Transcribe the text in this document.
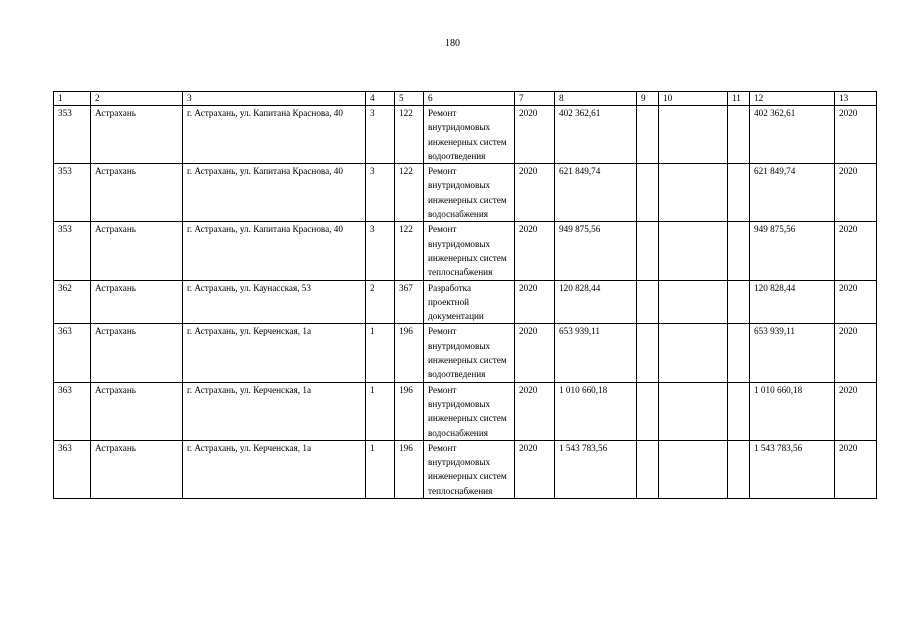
180
1	2	3	4	5	6	7	8	9	10	11	12	13
353	Астрахань	г. Астрахань, ул. Капитана Краснова, 40	3	122	Ремонт внутридомовых инженерных систем водоотведения	2020	402 362,61				402 362,61	2020
353	Астрахань	г. Астрахань, ул. Капитана Краснова, 40	3	122	Ремонт внутридомовых инженерных систем водоснабжения	2020	621 849,74				621 849,74	2020
353	Астрахань	г. Астрахань, ул. Капитана Краснова, 40	3	122	Ремонт внутридомовых инженерных систем теплоснабжения	2020	949 875,56				949 875,56	2020
362	Астрахань	г. Астрахань, ул. Каунасская, 53	2	367	Разработка проектной документации	2020	120 828,44				120 828,44	2020
363	Астрахань	г. Астрахань, ул. Керченская, 1а	1	196	Ремонт внутридомовых инженерных систем водоотведения	2020	653 939,11				653 939,11	2020
363	Астрахань	г. Астрахань, ул. Керченская, 1а	1	196	Ремонт внутридомовых инженерных систем водоснабжения	2020	1 010 660,18				1 010 660,18	2020
363	Астрахань	г. Астрахань, ул. Керченская, 1а	1	196	Ремонт внутридомовых инженерных систем теплоснабжения	2020	1 543 783,56				1 543 783,56	2020
